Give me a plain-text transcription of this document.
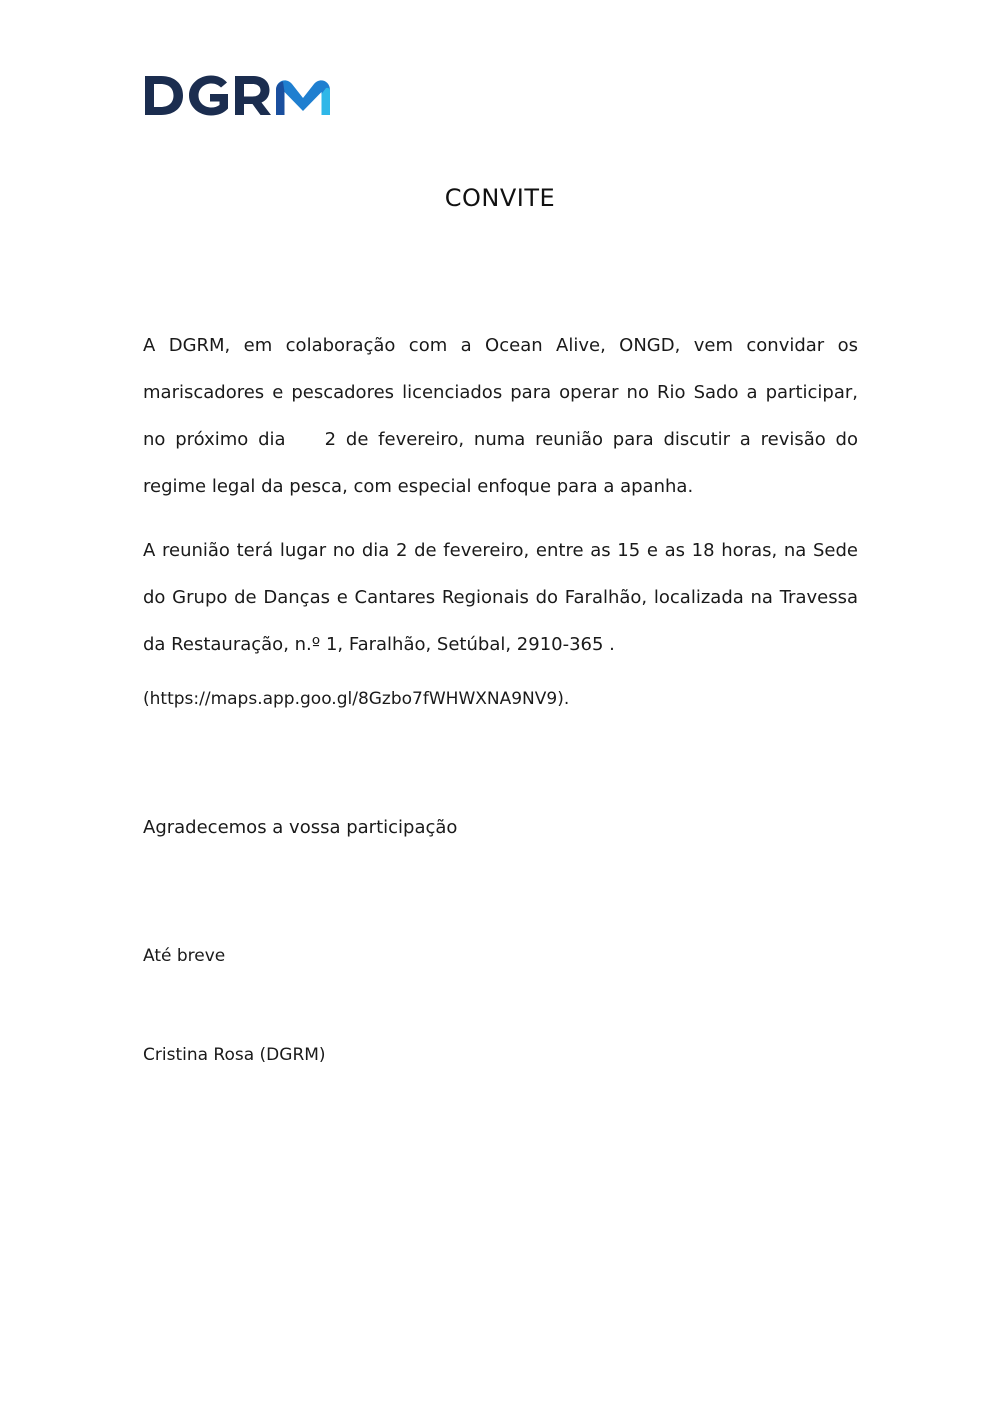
CONVITE
A DGRM, em colaboração com a Ocean Alive, ONGD, vem convidar os
mariscadores e pescadores licenciados para operar no Rio Sado a participar,
no próximo dia    2 de fevereiro, numa reunião para discutir a revisão do
regime legal da pesca, com especial enfoque para a apanha.
A reunião terá lugar no dia 2 de fevereiro, entre as 15 e as 18 horas, na Sede
do Grupo de Danças e Cantares Regionais do Faralhão, localizada na Travessa
da Restauração, n.º 1, Faralhão, Setúbal, 2910-365 .
(https://maps.app.goo.gl/8Gzbo7fWHWXNA9NV9).
Agradecemos a vossa participação
Até breve
Cristina Rosa (DGRM)
